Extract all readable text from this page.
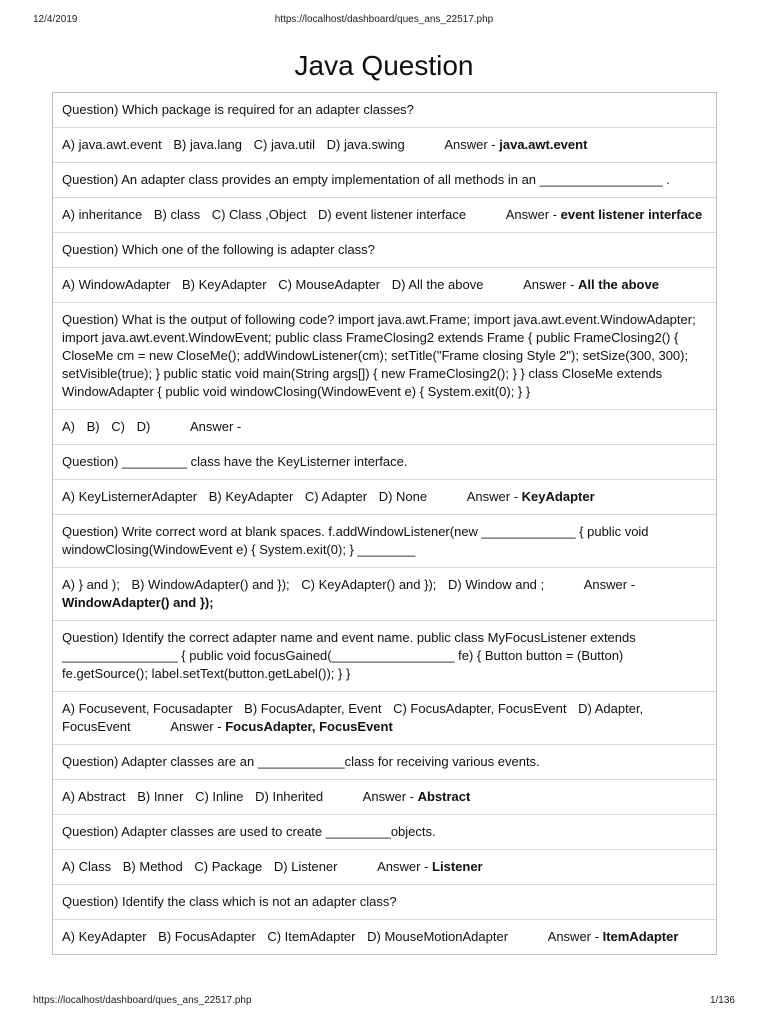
12/4/2019	https://localhost/dashboard/ques_ans_22517.php
Java Question
Question) Which package is required for an adapter classes?
A) java.awt.event B) java.lang C) java.util D) java.swing	Answer - java.awt.event
Question) An adapter class provides an empty implementation of all methods in an _________________ .
A) inheritance B) class C) Class ,Object D) event listener interface	Answer - event listener interface
Question) Which one of the following is adapter class?
A) WindowAdapter B) KeyAdapter C) MouseAdapter D) All the above	Answer - All the above
Question) What is the output of following code? import java.awt.Frame; import java.awt.event.WindowAdapter; import java.awt.event.WindowEvent; public class FrameClosing2 extends Frame { public FrameClosing2() { CloseMe cm = new CloseMe(); addWindowListener(cm); setTitle("Frame closing Style 2"); setSize(300, 300); setVisible(true); } public static void main(String args[]) { new FrameClosing2(); } } class CloseMe extends WindowAdapter { public void windowClosing(WindowEvent e) { System.exit(0); } }
A) B) C) D)	Answer -
Question) _________ class have the KeyListerner interface.
A) KeyListernerAdapter B) KeyAdapter C) Adapter D) None	Answer - KeyAdapter
Question) Write correct word at blank spaces. f.addWindowListener(new _____________ { public void windowClosing(WindowEvent e) { System.exit(0); } ________
A) } and ); B) WindowAdapter() and }); C) KeyAdapter() and }); D) Window and ;	Answer - WindowAdapter() and });
Question) Identify the correct adapter name and event name. public class MyFocusListener extends ________________ { public void focusGained(_________________ fe) { Button button = (Button) fe.getSource(); label.setText(button.getLabel()); } }
A) Focusevent, Focusadapter B) FocusAdapter, Event C) FocusAdapter, FocusEvent D) Adapter, FocusEvent	Answer - FocusAdapter, FocusEvent
Question) Adapter classes are an ____________class for receiving various events.
A) Abstract B) Inner C) Inline D) Inherited	Answer - Abstract
Question) Adapter classes are used to create _________objects.
A) Class B) Method C) Package D) Listener	Answer - Listener
Question) Identify the class which is not an adapter class?
A) KeyAdapter B) FocusAdapter C) ItemAdapter D) MouseMotionAdapter	Answer - ItemAdapter
https://localhost/dashboard/ques_ans_22517.php	1/136
